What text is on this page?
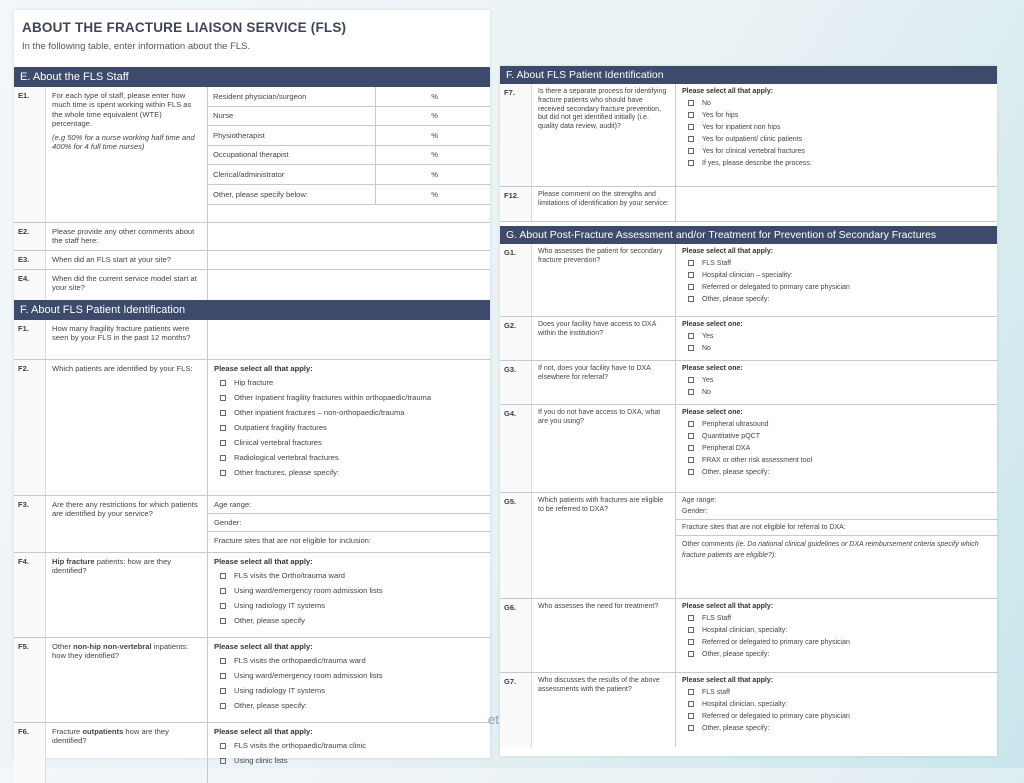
ABOUT THE FRACTURE LIAISON SERVICE (FLS)
In the following table, enter information about the FLS.
E. About the FLS Staff
E1.	For each type of staff, please enter how much time is spent working within FLS as the whole time equivalent (WTE) percentage.
(e.g 50% for a nurse working half time and 400% for 4 full time nurses)
Resident physician/surgeon	%
Nurse	%
Physiotherapist	%
Occupational therapist	%
Clerical/administrator	%
Other, please specify below:	%
E2.	Please provide any other comments about the staff here:
E3.	When did an FLS start at your site?
E4.	When did the current service model start at your site?
F. About FLS Patient Identification
F1.	How many fragility fracture patients were seen by your FLS in the past 12 months?
F2.	Which patients are identified by your FLS:	Please select all that apply:
Hip fracture
Other Inpatient fragility fractures within orthopaedic/trauma
Other inpatient fractures – non-orthopaedic/trauma
Outpatient fragility fractures
Clinical vertebral fractures
Radiological vertebral fractures
Other fractures, please specify:
F3.	Are there any restrictions for which patients are identified by your service?
Age range:
Gender:
Fracture sites that are not eligible for inclusion:
F4.	Hip fracture patients: how are they identified?
Please select all that apply:
FLS visits the Ortho/trauma ward
Using ward/emergency room admission lists
Using radiology IT systems
Other, please specify
F5.	Other non-hip non-vertebral inpatients: how they identified?
Please select all that apply:
FLS visits the orthopaedic/trauma ward
Using ward/emergency room admission lists
Using radiology IT systems
Other, please specify:
F6.	Fracture outpatients how are they identified?
Please select all that apply:
FLS visits the orthopaedic/trauma clinic
Using clinic lists
et
F. About FLS Patient Identification
F7.	Is there a separate process for identifying fracture patients who should have received secondary fracture prevention, but did not get identified initially (i.e. quality data review, audit)?
Please select all that apply:
No
Yes for hips
Yes for inpatient non hips
Yes for outpatient/ clinic patients
Yes for clinical vertebral fractures
If yes, please describe the process:
F12.	Please comment on the strengths and limitations of identification by your service:
G. About Post-Fracture Assessment and/or Treatment for Prevention of Secondary Fractures
G1.	Who assesses the patient for secondary fracture prevention?
Please select all that apply:
FLS Staff
Hospital clinician – speciality:
Referred or delegated to primary care physician
Other, please specify:
G2.	Does your facility have access to DXA within the institution?
Please select one:
Yes
No
G3.	If not, does your facility have to DXA elsewhere for referral?
Please select one:
Yes
No
G4.	If you do not have access to DXA, what are you using?
Please select one:
Peripheral ultrasound
Quantitative pQCT
Peripheral DXA
FRAX or other risk assessment tool
Other, please specify:
G5.	Which patients with fractures are eligible to be referred to DXA?
Age range:
Gender:
Fracture sites that are not eligible for referral to DXA:
Other comments (ie. Do national clinical guidelines or DXA reimbursement criteria specify which fracture patients are eligible?):
G6.	Who assesses the need for treatment?	Please select all that apply:
FLS Staff
Hospital clinician, specialty:
Referred or delegated to primary care physician
Other, please specify:
G7.	Who discusses the results of the above assessments with the patient?
Please select all that apply:
FLS staff
Hospital clinician, specialty:
Referred or delegated to primary care physician
Other, please specify:
